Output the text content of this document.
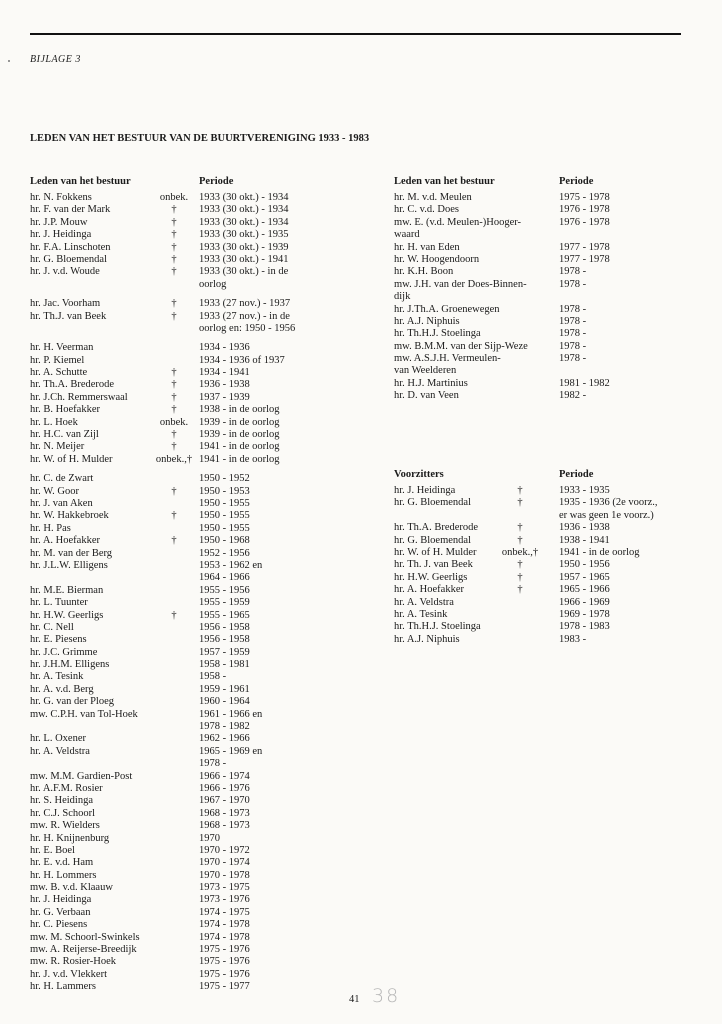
BIJLAGE 3
LEDEN VAN HET BESTUUR VAN DE BUURTVERENIGING 1933 - 1983
Leden van het bestuur	Periode
hr. N. Fokkens	onbek.	1933 (30 okt.) - 1934
hr. F. van der Mark	†	1933 (30 okt.) - 1934
hr. J.P. Mouw	†	1933 (30 okt.) - 1934
hr. J. Heidinga	†	1933 (30 okt.) - 1935
hr. F.A. Linschoten	†	1933 (30 okt.) - 1939
hr. G. Bloemendal	†	1933 (30 okt.) - 1941
hr. J. v.d. Woude	†	1933 (30 okt.) - in de
oorlog
hr. Jac. Voorham	†	1933 (27 nov.) - 1937
hr. Th.J. van Beek	†	1933 (27 nov.) - in de
oorlog en: 1950 - 1956
hr. H. Veerman	1934 - 1936
hr. P. Kiemel	1934 - 1936 of 1937
hr. A. Schutte	†	1934 - 1941
hr. Th.A. Brederode	†	1936 - 1938
hr. J.Ch. Remmerswaal	†	1937 - 1939
hr. B. Hoefakker	†	1938 - in de oorlog
hr. L. Hoek	onbek.	1939 - in de oorlog
hr. H.C. van Zijl	†	1939 - in de oorlog
hr. N. Meijer	†	1941 - in de oorlog
hr. W. of H. Mulder	onbek.,† 1941 - in de oorlog
hr. C. de Zwart	1950 - 1952
hr. W. Goor	†	1950 - 1953
hr. J. van Aken	1950 - 1955
hr. W. Hakkebroek	†	1950 - 1955
hr. H. Pas	1950 - 1955
hr. A. Hoefakker	†	1950 - 1968
hr. M. van der Berg	1952 - 1956
hr. J.L.W. Elligens	1953 - 1962 en
1964 - 1966
hr. M.E. Bierman	1955 - 1956
hr. L. Tuunter	1955 - 1959
hr. H.W. Geerligs	†	1955 - 1965
hr. C. Nell	1956 - 1958
hr. E. Piesens	1956 - 1958
hr. J.C. Grimme	1957 - 1959
hr. J.H.M. Elligens	1958 - 1981
hr. A. Tesink	1958 -
hr. A. v.d. Berg	1959 - 1961
hr. G. van der Ploeg	1960 - 1964
mw. C.P.H. van Tol-Hoek	1961 - 1966 en
1978 - 1982
hr. L. Oxener	1962 - 1966
hr. A. Veldstra	1965 - 1969 en
1978 -
mw. M.M. Gardien-Post	1966 - 1974
hr. A.F.M. Rosier	1966 - 1976
hr. S. Heidinga	1967 - 1970
hr. C.J. Schoorl	1968 - 1973
mw. R. Wielders	1968 - 1973
hr. H. Knijnenburg	1970
hr. E. Boel	1970 - 1972
hr. E. v.d. Ham	1970 - 1974
hr. H. Lommers	1970 - 1978
mw. B. v.d. Klaauw	1973 - 1975
hr. J. Heidinga	1973 - 1976
hr. G. Verbaan	1974 - 1975
hr. C. Piesens	1974 - 1978
mw. M. Schoorl-Swinkels	1974 - 1978
mw. A. Reijerse-Breedijk	1975 - 1976
mw. R. Rosier-Hoek	1975 - 1976
hr. J. v.d. Vlekkert	1975 - 1976
hr. H. Lammers	1975 - 1977
Leden van het bestuur	Periode
hr. M. v.d. Meulen	1975 - 1978
hr. C. v.d. Does	1976 - 1978
mw. E. (v.d. Meulen-)Hooger-	1976 - 1978
waard
hr. H. van Eden	1977 - 1978
hr. W. Hoogendoorn	1977 - 1978
hr. K.H. Boon	1978 -
mw. J.H. van der Does-Binnen-	1978 -
dijk
hr. J.Th.A. Groenewegen	1978 -
hr. A.J. Niphuis	1978 -
hr. Th.H.J. Stoelinga	1978 -
mw. B.M.M. van der Sijp-Weze	1978 -
mw. A.S.J.H. Vermeulen-	1978 -
van Weelderen
hr. H.J. Martinius	1981 - 1982
hr. D. van Veen	1982 -
Voorzitters	Periode
hr. J. Heidinga	†	1933 - 1935
hr. G. Bloemendal	†	1935 - 1936 (2e voorz.,
er was geen 1e voorz.)
hr. Th.A. Brederode	†	1936 - 1938
hr. G. Bloemendal	†	1938 - 1941
hr. W. of H. Mulder	onbek.,†	1941 - in de oorlog
hr. Th. J. van Beek	†	1950 - 1956
hr. H.W. Geerligs	†	1957 - 1965
hr. A. Hoefakker	†	1965 - 1966
hr. A. Veldstra	1966 - 1969
hr. A. Tesink	1969 - 1978
hr. Th.H.J. Stoelinga	1978 - 1983
hr. A.J. Niphuis	1983 -
41 38
